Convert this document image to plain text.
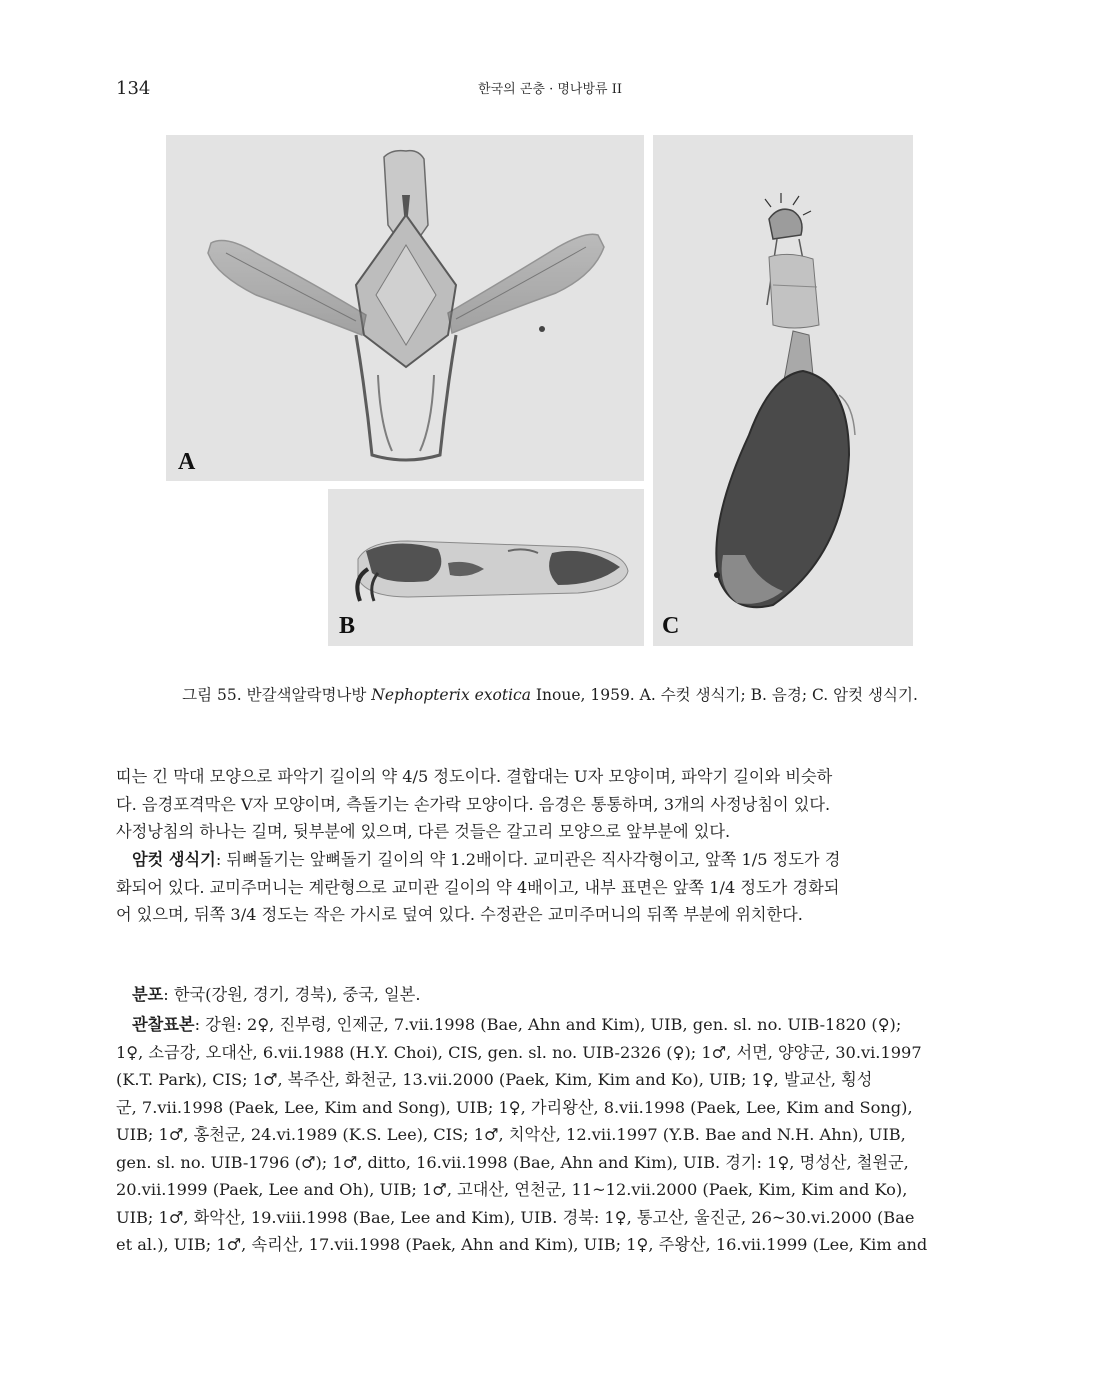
134	한국의 곤충 · 명나방류 II
A
B	C
그림 55. 반갈색알락명나방 Nephopterix exotica Inoue, 1959. A. 수컷 생식기; B. 음경; C. 암컷 생식기.
띠는 긴 막대 모양으로 파악기 길이의 약 4/5 정도이다. 결합대는 U자 모양이며, 파악기 길이와 비슷하
다. 음경포격막은 V자 모양이며, 측돌기는 손가락 모양이다. 음경은 통통하며, 3개의 사정낭침이 있다.
사정낭침의 하나는 길며, 뒷부분에 있으며, 다른 것들은 갈고리 모양으로 앞부분에 있다.
암컷 생식기: 뒤뼈돌기는 앞뼈돌기 길이의 약 1.2배이다. 교미관은 직사각형이고, 앞쪽 1/5 정도가 경
화되어 있다. 교미주머니는 계란형으로 교미관 길이의 약 4배이고, 내부 표면은 앞쪽 1/4 정도가 경화되
어 있으며, 뒤쪽 3/4 정도는 작은 가시로 덮여 있다. 수정관은 교미주머니의 뒤쪽 부분에 위치한다.
분포: 한국(강원, 경기, 경북), 중국, 일본.
관찰표본: 강원: 2♀, 진부령, 인제군, 7.vii.1998 (Bae, Ahn and Kim), UIB, gen. sl. no. UIB-1820 (♀);
1♀, 소금강, 오대산, 6.vii.1988 (H.Y. Choi), CIS, gen. sl. no. UIB-2326 (♀); 1♂, 서면, 양양군, 30.vi.1997
(K.T. Park), CIS; 1♂, 복주산, 화천군, 13.vii.2000 (Paek, Kim, Kim and Ko), UIB; 1♀, 발교산, 횡성
군, 7.vii.1998 (Paek, Lee, Kim and Song), UIB; 1♀, 가리왕산, 8.vii.1998 (Paek, Lee, Kim and Song),
UIB; 1♂, 홍천군, 24.vi.1989 (K.S. Lee), CIS; 1♂, 치악산, 12.vii.1997 (Y.B. Bae and N.H. Ahn), UIB,
gen. sl. no. UIB-1796 (♂); 1♂, ditto, 16.vii.1998 (Bae, Ahn and Kim), UIB. 경기: 1♀, 명성산, 철원군,
20.vii.1999 (Paek, Lee and Oh), UIB; 1♂, 고대산, 연천군, 11~12.vii.2000 (Paek, Kim, Kim and Ko),
UIB; 1♂, 화악산, 19.viii.1998 (Bae, Lee and Kim), UIB. 경북: 1♀, 통고산, 울진군, 26~30.vi.2000 (Bae
et al.), UIB; 1♂, 속리산, 17.vii.1998 (Paek, Ahn and Kim), UIB; 1♀, 주왕산, 16.vii.1999 (Lee, Kim and
